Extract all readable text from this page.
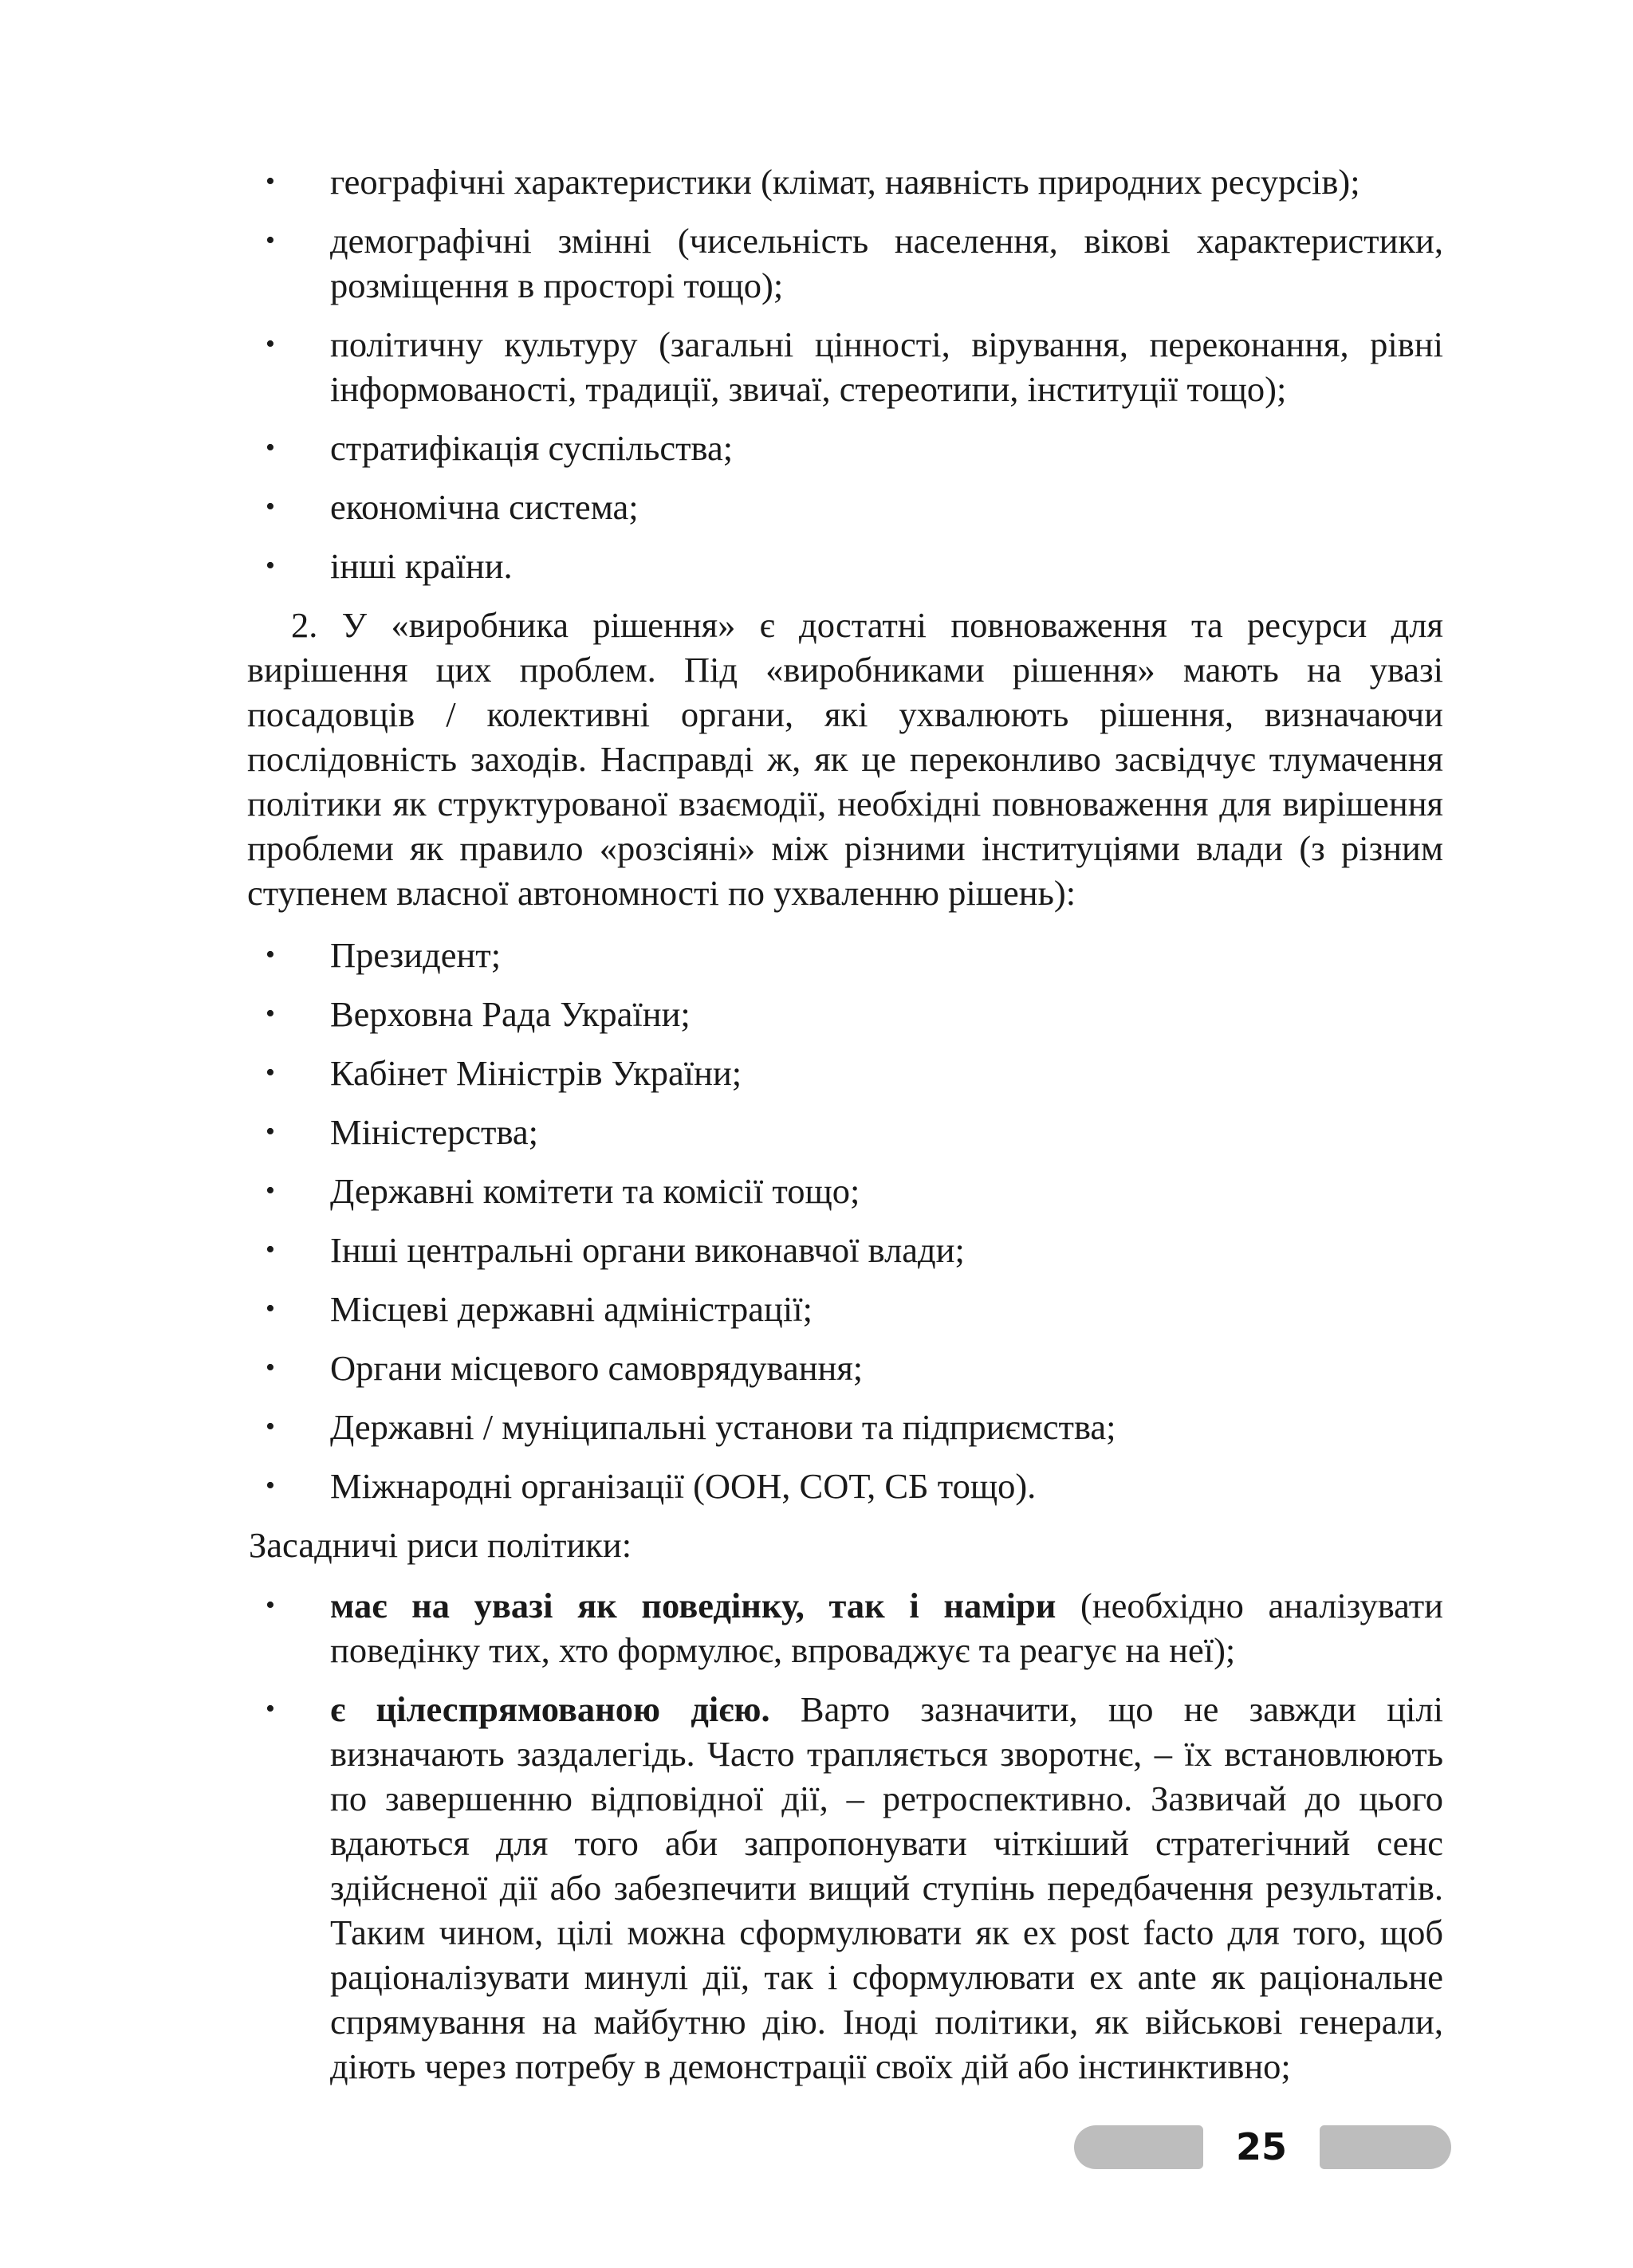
• географічні характеристики (клімат, наявність природних ресурсів);
• демографічні змінні (чисельність населення, вікові характеристики, розміщення в просторі тощо);
• політичну культуру (загальні цінності, вірування, переконання, рівні інформованості, традиції, звичаї, стереотипи, інституції тощо);
• стратифікація суспільства;
• економічна система;
• інші країни.

2. У «виробника рішення» є достатні повноваження та ресурси для вирішення цих проблем. Під «виробниками рішення» мають на увазі посадовців / колективні органи, які ухвалюють рішення, визначаючи послідовність заходів. Насправді ж, як це переконливо засвідчує тлумачення політики як структурованої взаємодії, необхідні повноваження для вирішення проблеми як правило «розсіяні» між різними інституціями влади (з різним ступенем власної автономності по ухваленню рішень):

• Президент;
• Верховна Рада України;
• Кабінет Міністрів України;
• Міністерства;
• Державні комітети та комісії тощо;
• Інші центральні органи виконавчої влади;
• Місцеві державні адміністрації;
• Органи місцевого самоврядування;
• Державні / муніципальні установи та підприємства;
• Міжнародні організації (ООН, СОТ, СБ тощо).

Засадничі риси політики:

• має на увазі як поведінку, так і наміри (необхідно аналізувати поведінку тих, хто формулює, впроваджує та реагує на неї);
• є цілеспрямованою дією. Варто зазначити, що не завжди цілі визначають заздалегідь. Часто трапляється зворотнє, – їх встановлюють по завершенню відповідної дії, – ретроспективно. Зазвичай до цього вдаються для того аби запропонувати чіткіший стратегічний сенс здійсненої дії або забезпечити вищий ступінь передбачення результатів. Таким чином, цілі можна сформулювати як ex post facto для того, щоб раціоналізувати минулі дії, так і сформулювати ex ante як раціональне спрямування на майбутню дію. Іноді політики, як військові генерали, діють через потребу в демонстрації своїх дій або інстинктивно;
25
